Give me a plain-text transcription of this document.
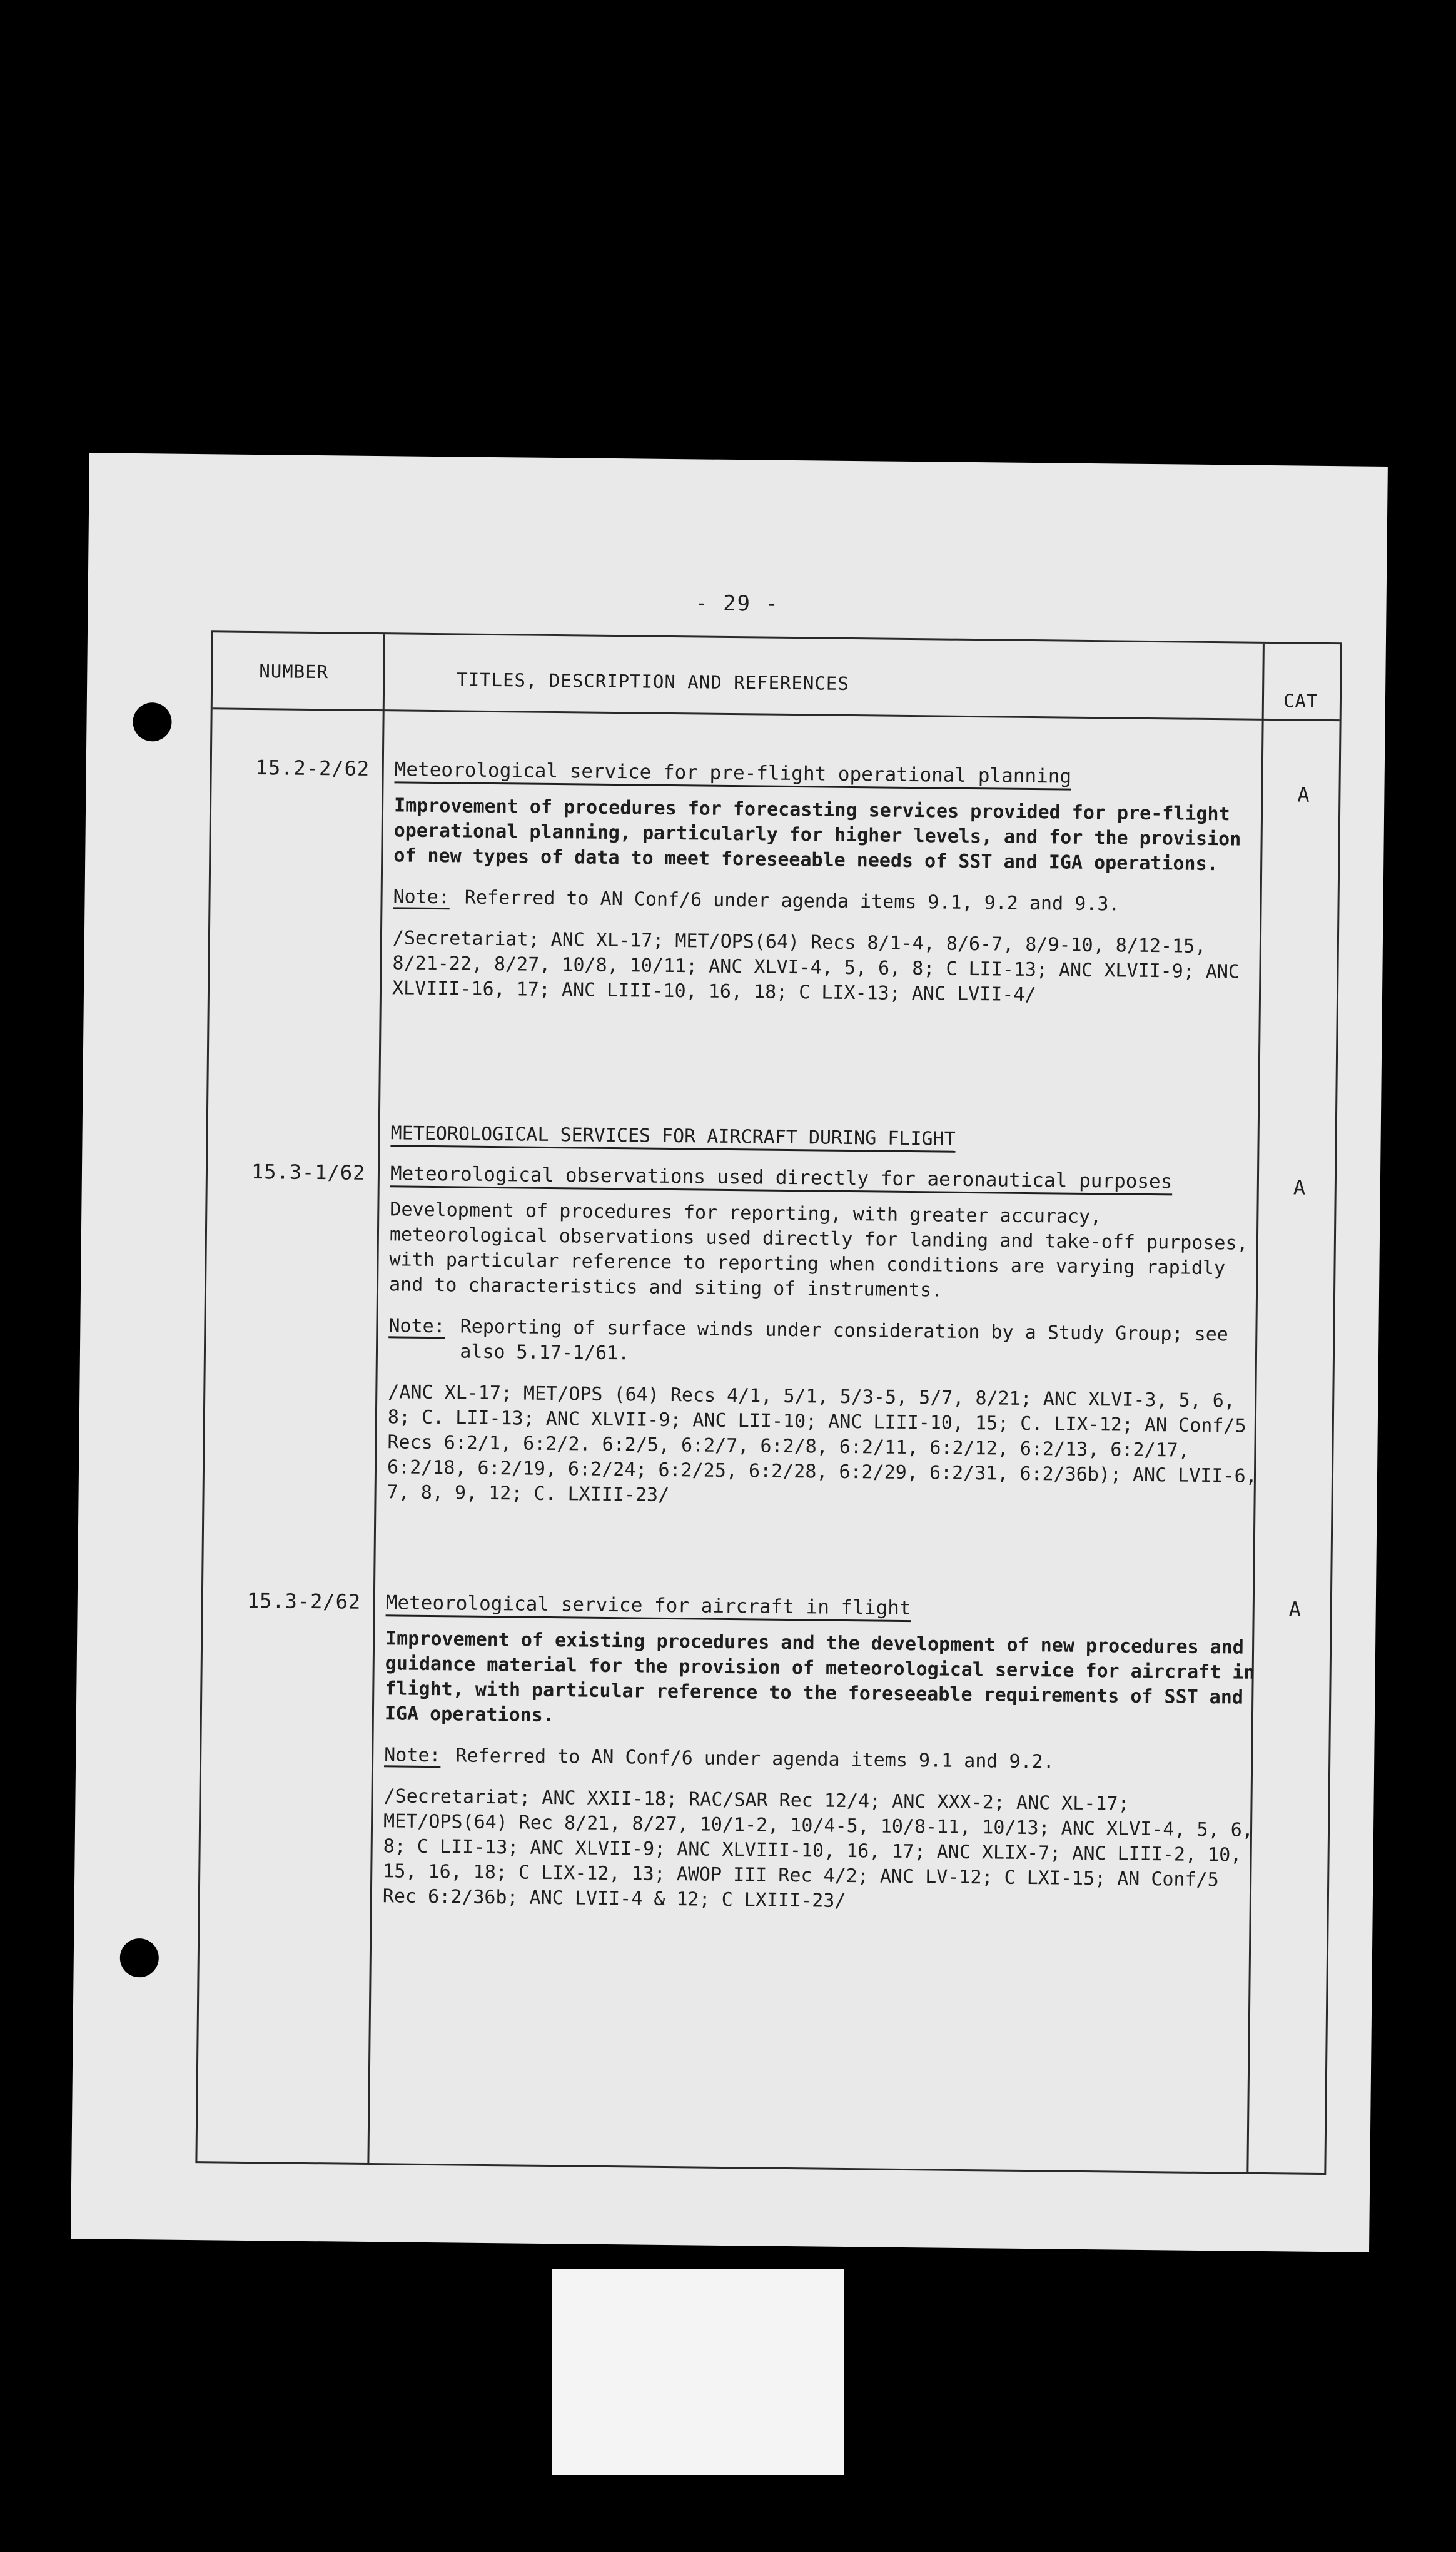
- 29 -
NUMBER	TITLES, DESCRIPTION AND REFERENCES
CAT
15.2-2/62
A
Meteorological service for pre-flight operational planning

Improvement of procedures for forecasting services provided for pre-flight operational planning, particularly for higher levels, and for the provision of new types of data to meet foreseeable needs of SST and IGA operations.

Note: Referred to AN Conf/6 under agenda items 9.1, 9.2 and 9.3.

/Secretariat; ANC XL-17; MET/OPS(64) Recs 8/1-4, 8/6-7, 8/9-10, 8/12-15, 8/21-22, 8/27, 10/8, 10/11; ANC XLVI-4, 5, 6, 8; C LII-13; ANC XLVII-9; ANC XLVIII-16, 17; ANC LIII-10, 16, 18; C LIX-13; ANC LVII-4/

METEOROLOGICAL SERVICES FOR AIRCRAFT DURING FLIGHT
15.3-1/62
A
Meteorological observations used directly for aeronautical purposes

Development of procedures for reporting, with greater accuracy, meteorological observations used directly for landing and take-off purposes, with particular reference to reporting when conditions are varying rapidly and to characteristics and siting of instruments.

Note: Reporting of surface winds under consideration by a Study Group; see also 5.17-1/61.

/ANC XL-17; MET/OPS (64) Recs 4/1, 5/1, 5/3-5, 5/7, 8/21; ANC XLVI-3, 5, 6, 8; C. LII-13; ANC XLVII-9; ANC LII-10; ANC LIII-10, 15; C. LIX-12; AN Conf/5 Recs 6:2/1, 6:2/2. 6:2/5, 6:2/7, 6:2/8, 6:2/11, 6:2/12, 6:2/13, 6:2/17, 6:2/18, 6:2/19, 6:2/24; 6:2/25, 6:2/28, 6:2/29, 6:2/31, 6:2/36b); ANC LVII-6, 7, 8, 9, 12; C. LXIII-23/

15.3-2/62	A
Meteorological service for aircraft in flight

Improvement of existing procedures and the development of new procedures and guidance material for the provision of meteorological service for aircraft in flight, with particular reference to the foreseeable requirements of SST and IGA operations.

Note: Referred to AN Conf/6 under agenda items 9.1 and 9.2.

/Secretariat; ANC XXII-18; RAC/SAR Rec 12/4; ANC XXX-2; ANC XL-17; MET/OPS(64) Rec 8/21, 8/27, 10/1-2, 10/4-5, 10/8-11, 10/13; ANC XLVI-4, 5, 6, 8; C LII-13; ANC XLVII-9; ANC XLVIII-10, 16, 17; ANC XLIX-7; ANC LIII-2, 10, 15, 16, 18; C LIX-12, 13; AWOP III Rec 4/2; ANC LV-12; C LXI-15; AN Conf/5 Rec 6:2/36b; ANC LVII-4 & 12; C LXIII-23/
